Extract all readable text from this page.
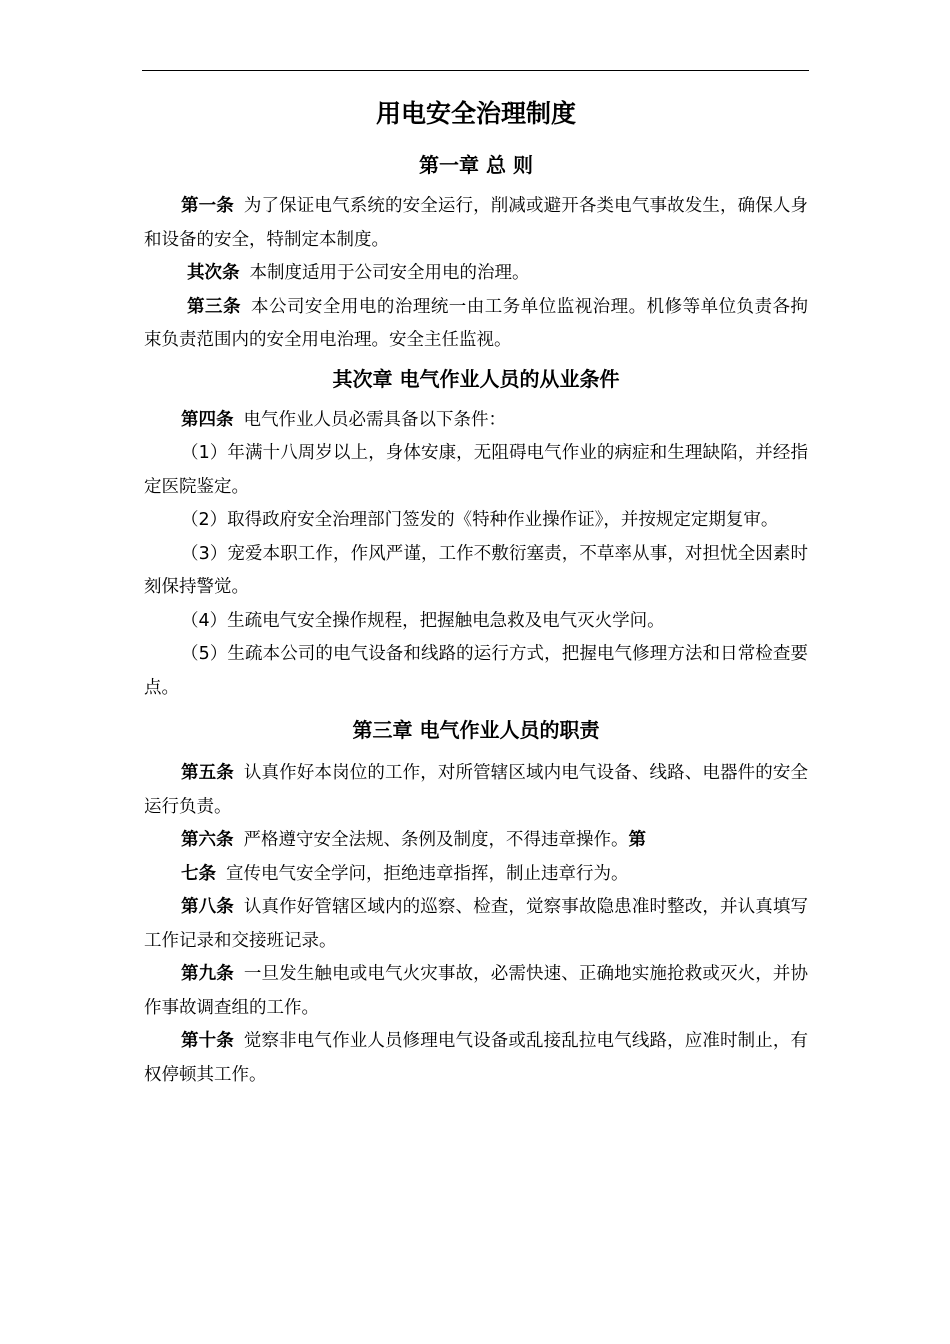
用电安全治理制度
第一章 总 则

第一条 为了保证电气系统的安全运行，削减或避开各类电气事故发生，确保人身和设备的安全，特制定本制度。

其次条 本制度适用于公司安全用电的治理。

第三条 本公司安全用电的治理统一由工务单位监视治理。机修等单位负责各拘束负责范围内的安全用电治理。安全主任监视。

其次章 电气作业人员的从业条件

第四条 电气作业人员必需具备以下条件：

（1）年满十八周岁以上，身体安康，无阻碍电气作业的病症和生理缺陷，并经指定医院鉴定。

（2）取得政府安全治理部门签发的《特种作业操作证》，并按规定定期复审。

（3）宠爱本职工作，作风严谨，工作不敷衍塞责，不草率从事，对担忧全因素时刻保持警觉。

（4）生疏电气安全操作规程，把握触电急救及电气灭火学问。

（5）生疏本公司的电气设备和线路的运行方式，把握电气修理方法和日常检查要点。

第三章 电气作业人员的职责

第五条 认真作好本岗位的工作，对所管辖区域内电气设备、线路、电器件的安全运行负责。

第六条 严格遵守安全法规、条例及制度，不得违章操作。第

七条 宣传电气安全学问，拒绝违章指挥，制止违章行为。

第八条 认真作好管辖区域内的巡察、检查，觉察事故隐患准时整改，并认真填写工作记录和交接班记录。

第九条 一旦发生触电或电气火灾事故，必需快速、正确地实施抢救或灭火，并协作事故调查组的工作。

第十条 觉察非电气作业人员修理电气设备或乱接乱拉电气线路，应准时制止，有权停顿其工作。
